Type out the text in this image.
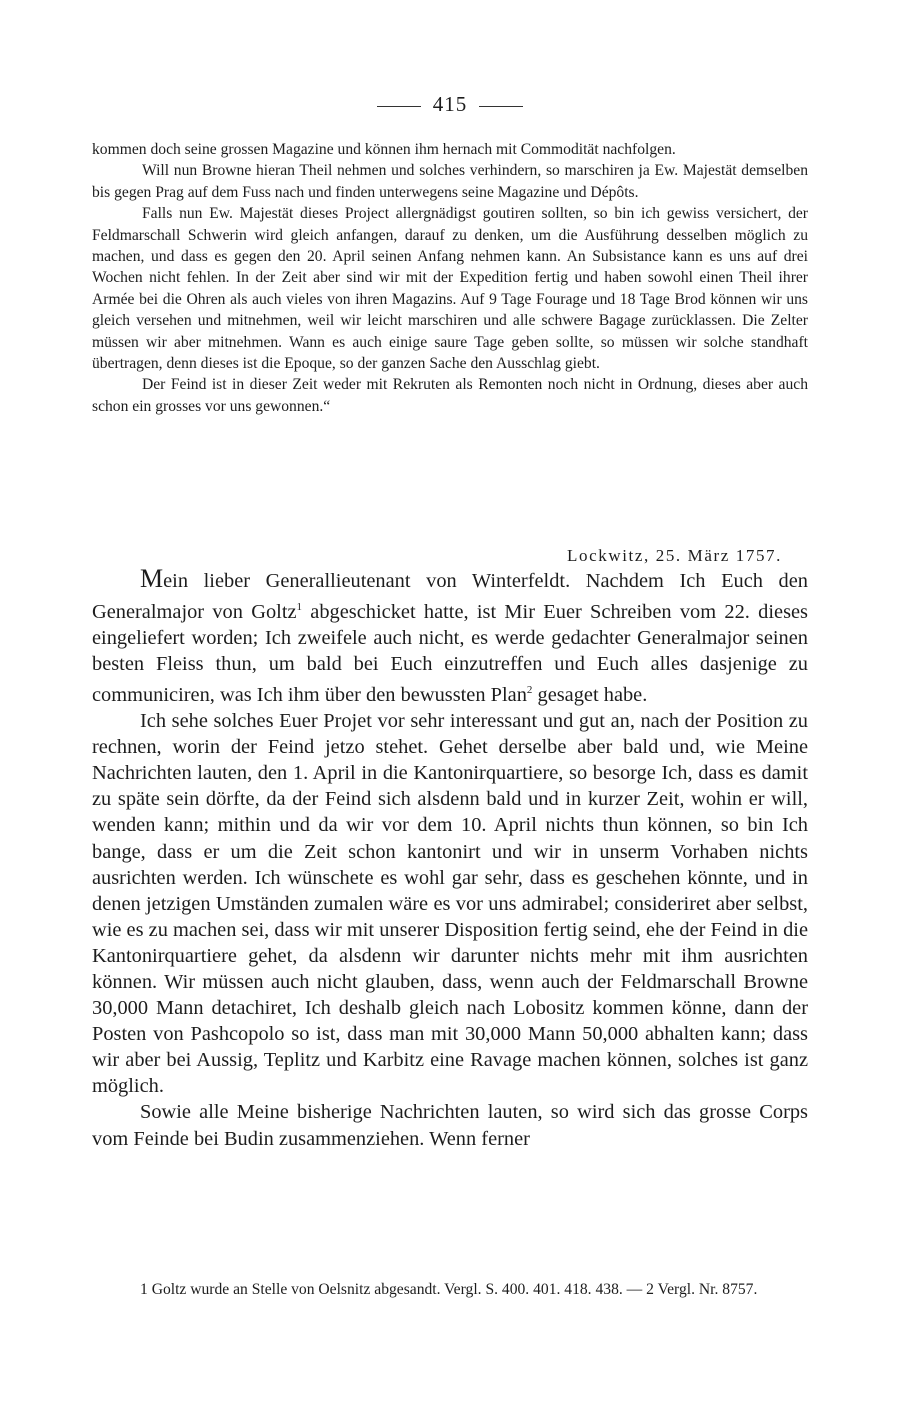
415

kommen doch seine grossen Magazine und können ihm hernach mit Commodität nachfolgen.

Will nun Browne hieran Theil nehmen und solches verhindern, so marschiren ja Ew. Majestät demselben bis gegen Prag auf dem Fuss nach und finden unterwegens seine Magazine und Dépôts.

Falls nun Ew. Majestät dieses Project allergnädigst goutiren sollten, so bin ich gewiss versichert, der Feldmarschall Schwerin wird gleich anfangen, darauf zu denken, um die Ausführung desselben möglich zu machen, und dass es gegen den 20. April seinen Anfang nehmen kann. An Subsistance kann es uns auf drei Wochen nicht fehlen. In der Zeit aber sind wir mit der Expedition fertig und haben sowohl einen Theil ihrer Armée bei die Ohren als auch vieles von ihren Magazins. Auf 9 Tage Fourage und 18 Tage Brod können wir uns gleich versehen und mitnehmen, weil wir leicht marschiren und alle schwere Bagage zurücklassen. Die Zelter müssen wir aber mitnehmen. Wann es auch einige saure Tage geben sollte, so müssen wir solche standhaft übertragen, denn dieses ist die Epoque, so der ganzen Sache den Ausschlag giebt.

Der Feind ist in dieser Zeit weder mit Rekruten als Remonten noch nicht in Ordnung, dieses aber auch schon ein grosses vor uns gewonnen.“

Lockwitz, 25. März 1757.

Mein lieber Generallieutenant von Winterfeldt. Nachdem Ich Euch den Generalmajor von Goltz$^1$ abgeschicket hatte, ist Mir Euer Schreiben vom 22. dieses eingeliefert worden; Ich zweifele auch nicht, es werde gedachter Generalmajor seinen besten Fleiss thun, um bald bei Euch einzutreffen und Euch alles dasjenige zu communiciren, was Ich ihm über den bewussten Plan$^2$ gesaget habe.

Ich sehe solches Euer Projet vor sehr interessant und gut an, nach der Position zu rechnen, worin der Feind jetzo stehet. Gehet derselbe aber bald und, wie Meine Nachrichten lauten, den 1. April in die Kantonirquartiere, so besorge Ich, dass es damit zu späte sein dörfte, da der Feind sich alsdenn bald und in kurzer Zeit, wohin er will, wenden kann; mithin und da wir vor dem 10. April nichts thun können, so bin Ich bange, dass er um die Zeit schon kantonirt und wir in unserm Vorhaben nichts ausrichten werden. Ich wünschete es wohl gar sehr, dass es geschehen könnte, und in denen jetzigen Umständen zumalen wäre es vor uns admirabel; consideriret aber selbst, wie es zu machen sei, dass wir mit unserer Disposition fertig seind, ehe der Feind in die Kantonirquartiere gehet, da alsdenn wir darunter nichts mehr mit ihm ausrichten können. Wir müssen auch nicht glauben, dass, wenn auch der Feldmarschall Browne 30,000 Mann detachiret, Ich deshalb gleich nach Lobositz kommen könne, dann der Posten von Pashcopolo so ist, dass man mit 30,000 Mann 50,000 abhalten kann; dass wir aber bei Aussig, Teplitz und Karbitz eine Ravage machen können, solches ist ganz möglich.

Sowie alle Meine bisherige Nachrichten lauten, so wird sich das grosse Corps vom Feinde bei Budin zusammenziehen. Wenn ferner

1 Goltz wurde an Stelle von Oelsnitz abgesandt. Vergl. S. 400. 401. 418. 438. — 2 Vergl. Nr. 8757.
